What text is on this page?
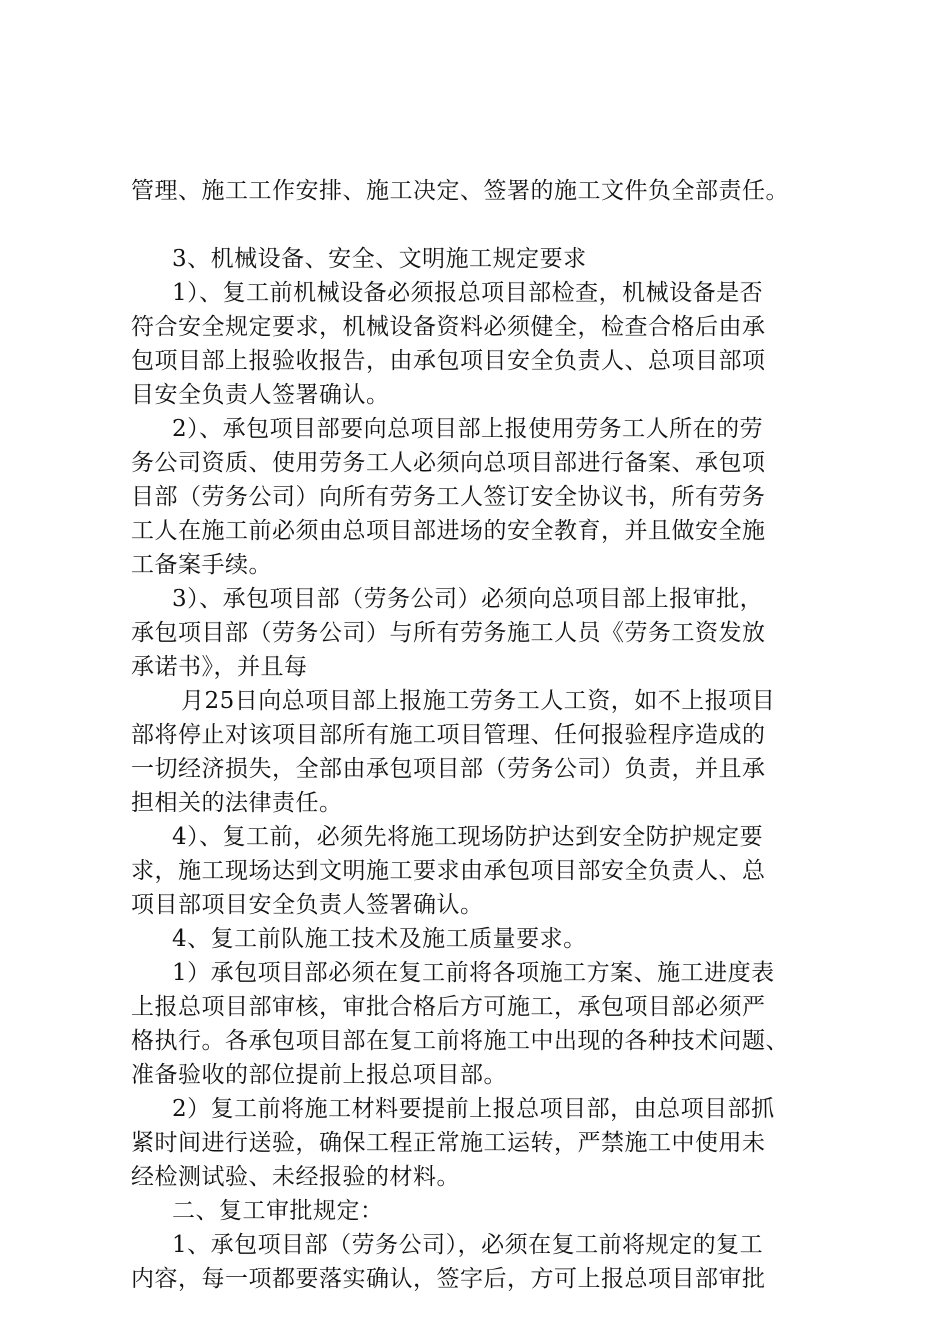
管理、施工工作安排、施工决定、签署的施工文件负全部责任。
3、机械设备、安全、文明施工规定要求
1）、复工前机械设备必须报总项目部检查，机械设备是否
符合安全规定要求，机械设备资料必须健全，检查合格后由承
包项目部上报验收报告，由承包项目安全负责人、总项目部项
目安全负责人签署确认。
2）、承包项目部要向总项目部上报使用劳务工人所在的劳
务公司资质、使用劳务工人必须向总项目部进行备案、承包项
目部（劳务公司）向所有劳务工人签订安全协议书，所有劳务
工人在施工前必须由总项目部进场的安全教育，并且做安全施
工备案手续。
3）、承包项目部（劳务公司）必须向总项目部上报审批，
承包项目部（劳务公司）与所有劳务施工人员《劳务工资发放
承诺书》，并且每
月25日向总项目部上报施工劳务工人工资，如不上报项目
部将停止对该项目部所有施工项目管理、任何报验程序造成的
一切经济损失，全部由承包项目部（劳务公司）负责，并且承
担相关的法律责任。
4）、复工前，必须先将施工现场防护达到安全防护规定要
求，施工现场达到文明施工要求由承包项目部安全负责人、总
项目部项目安全负责人签署确认。
4、复工前队施工技术及施工质量要求。
1）承包项目部必须在复工前将各项施工方案、施工进度表
上报总项目部审核，审批合格后方可施工，承包项目部必须严
格执行。各承包项目部在复工前将施工中出现的各种技术问题、
准备验收的部位提前上报总项目部。
2）复工前将施工材料要提前上报总项目部，由总项目部抓
紧时间进行送验，确保工程正常施工运转，严禁施工中使用未
经检测试验、未经报验的材料。
二、复工审批规定：
1、承包项目部（劳务公司），必须在复工前将规定的复工
内容，每一项都要落实确认，签字后，方可上报总项目部审批
